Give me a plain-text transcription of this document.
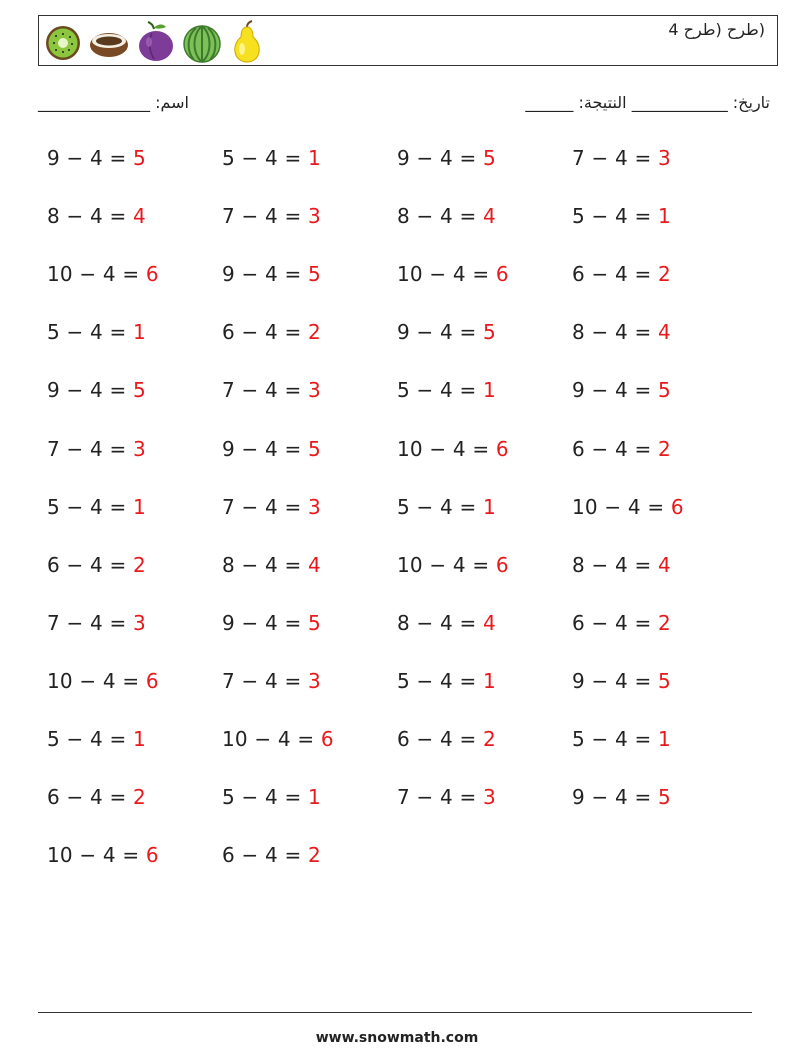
(طرح (طرح 4
اسم: ______________	______ :تاريخ: ____________ النتيجة
9 − 4 = 5	5 − 4 = 1	9 − 4 = 5	7 − 4 = 3
8 − 4 = 4	7 − 4 = 3	8 − 4 = 4	5 − 4 = 1
10 − 4 = 6	9 − 4 = 5	10 − 4 = 6	6 − 4 = 2
5 − 4 = 1	6 − 4 = 2	9 − 4 = 5	8 − 4 = 4
9 − 4 = 5	7 − 4 = 3	5 − 4 = 1	9 − 4 = 5
7 − 4 = 3	9 − 4 = 5	10 − 4 = 6	6 − 4 = 2
5 − 4 = 1	7 − 4 = 3	5 − 4 = 1	10 − 4 = 6
6 − 4 = 2	8 − 4 = 4	10 − 4 = 6	8 − 4 = 4
7 − 4 = 3	9 − 4 = 5	8 − 4 = 4	6 − 4 = 2
10 − 4 = 6	7 − 4 = 3	5 − 4 = 1	9 − 4 = 5
5 − 4 = 1	10 − 4 = 6	6 − 4 = 2	5 − 4 = 1
6 − 4 = 2	5 − 4 = 1	7 − 4 = 3	9 − 4 = 5
10 − 4 = 6	6 − 4 = 2
www.snowmath.com
